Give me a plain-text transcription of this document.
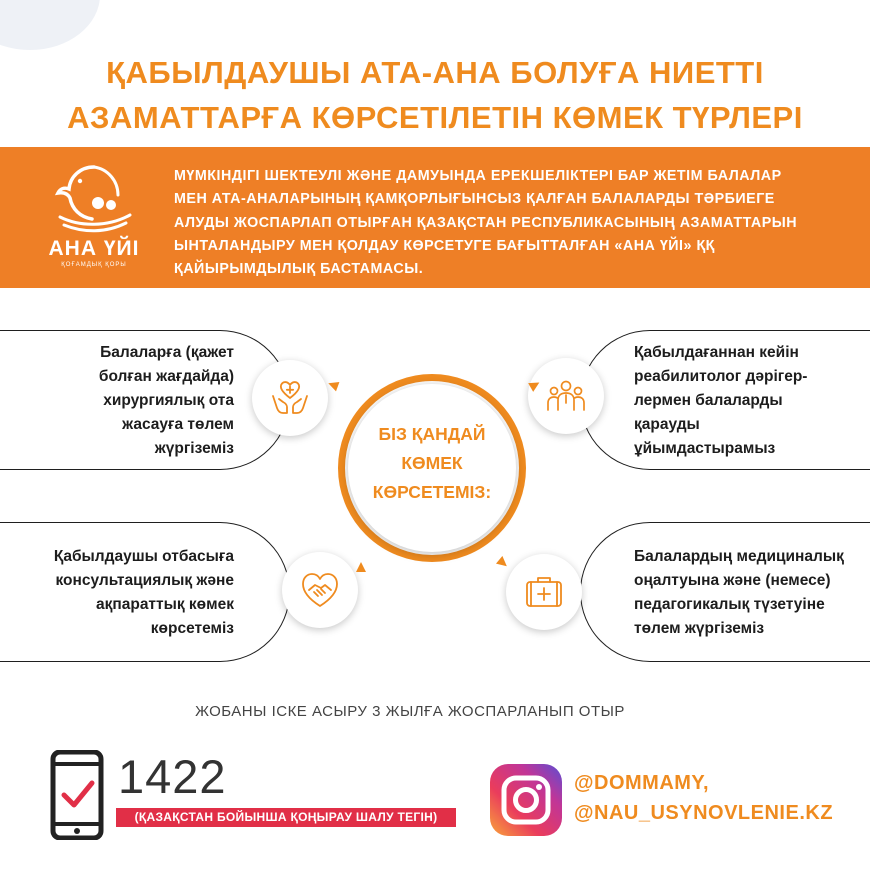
ҚАБЫЛДАУШЫ АТА-АНА БОЛУҒА НИЕТТІ
АЗАМАТТАРҒА КӨРСЕТІЛЕТІН КӨМЕК ТҮРЛЕРІ
АНА ҮЙІ
ҚОҒАМДЫҚ ҚОРЫ
МҮМКІНДІГІ ШЕКТЕУЛІ ЖӘНЕ ДАМУЫНДА ЕРЕКШЕЛІКТЕРІ БАР ЖЕТІМ БАЛАЛАР
МЕН АТА-АНАЛАРЫНЫҢ ҚАМҚОРЛЫҒЫНСЫЗ ҚАЛҒАН БАЛАЛАРДЫ ТӘРБИЕГЕ
АЛУДЫ ЖОСПАРЛАП ОТЫРҒАН ҚАЗАҚСТАН РЕСПУБЛИКАСЫНЫҢ АЗАМАТТАРЫН
ЫНТАЛАНДЫРУ МЕН ҚОЛДАУ КӨРСЕТУГЕ БАҒЫТТАЛҒАН «АНА ҮЙІ» ҚҚ
ҚАЙЫРЫМДЫЛЫҚ БАСТАМАСЫ.
Балаларға (қажет
болған жағдайда)
хирургиялық ота
жасауға төлем
жүргіземіз
Қабылдағаннан кейін
реабилитолог дәрігер-
лермен балаларды
қарауды
ұйымдастырамыз
Қабылдаушы отбасыға
консультациялық және
ақпараттық көмек
көрсетеміз
Балалардың медициналық
оңалтуына және (немесе)
педагогикалық түзетуіне
төлем жүргіземіз
БІЗ ҚАНДАЙ
КӨМЕК
КӨРСЕТЕМІЗ:
ЖОБАНЫ ІСКЕ АСЫРУ 3 ЖЫЛҒА ЖОСПАРЛАНЫП ОТЫР
1422
(ҚАЗАҚСТАН БОЙЫНША ҚОҢЫРАУ ШАЛУ ТЕГІН)
@DOMMAMY,
@NAU_USYNOVLENIE.KZ
